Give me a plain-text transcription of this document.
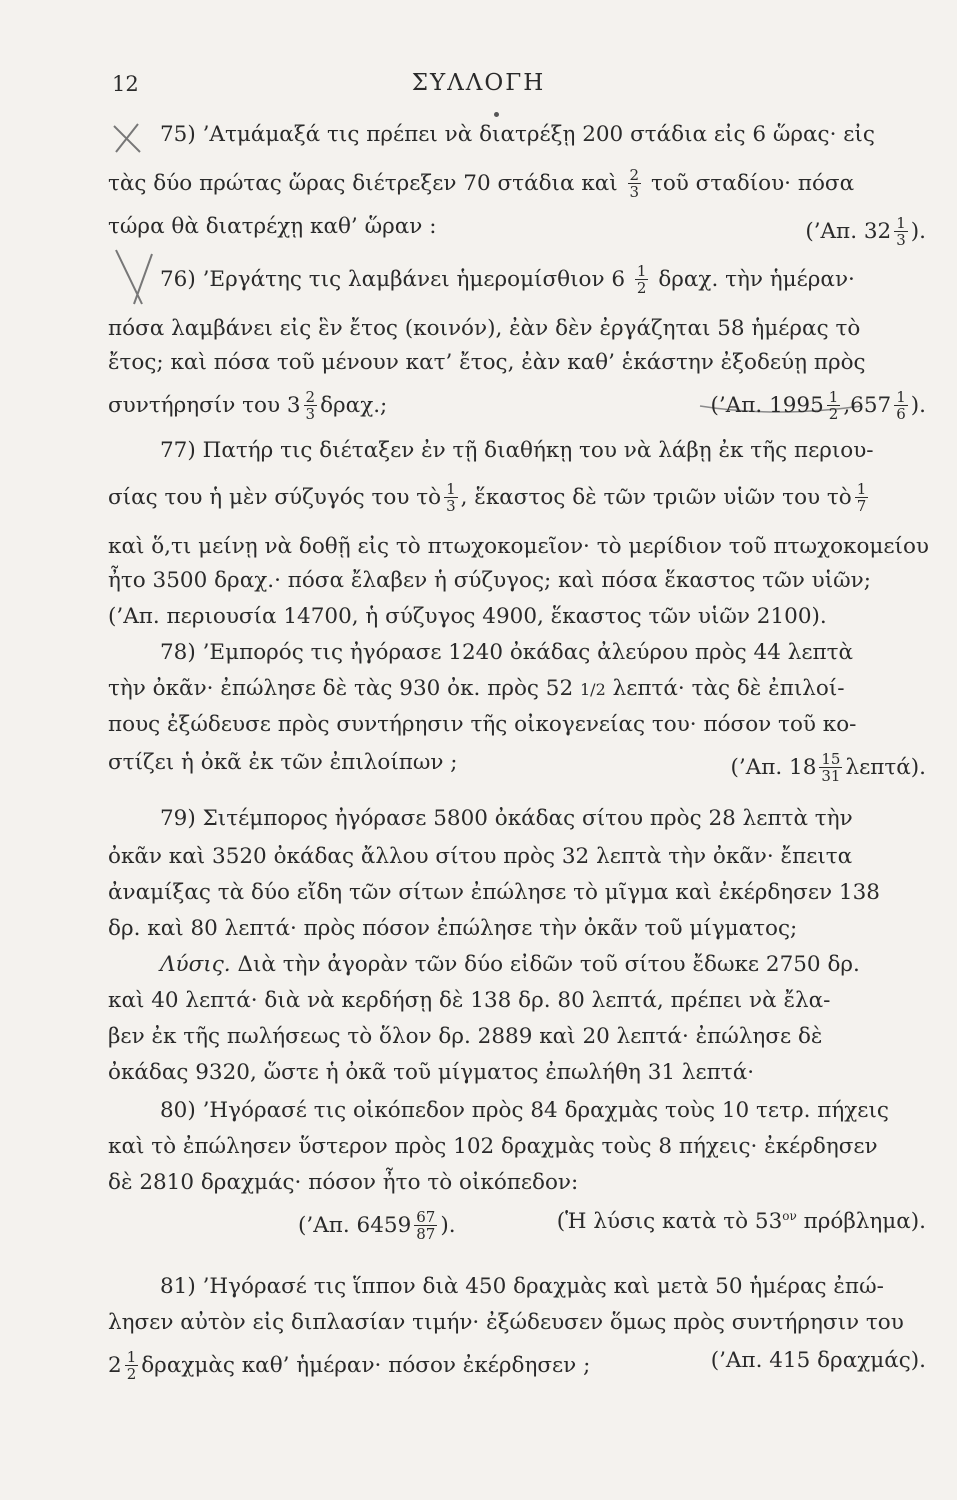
12	ΣΥΛΛΟΓΗ
75) ’Ατμάμαξά τις πρέπει νὰ διατρέξῃ 200 στάδια εἰς 6 ὥρας· εἰς
τὰς δύο πρώτας ὥρας διέτρεξεν 70 στάδια καὶ $\frac{2}{3}$ τοῦ σταδίου· πόσα
τώρα θὰ διατρέχῃ καθ’ ὥραν :	(’Απ. $32 \frac{1}{3}$ ).
76) ’Εργάτης τις λαμβάνει ἡμερομίσθιον $6 \frac{1}{2} \delta\rho\alpha\chi$. τὴν ἡμέραν·
πόσα λαμβάνει εἰς ἓν ἔτος (κοινόν), ἐὰν δὲν ἐργάζηται 58 ἡμέρας τὸ
ἔτος; καὶ πόσα τοῦ μένουν κατ’ ἔτος, ἐὰν καθ’ ἑκάστην ἐξοδεύῃ πρὸς
συντήρησίν του $3 \frac{2}{3} \delta\rho\alpha\chi$.;	(’Απ. $1995 \frac{1}{2} ,657 \frac{1}{6}$ ).
77) Πατήρ τις διέταξεν ἐν τῇ διαθήκῃ του νὰ λάβῃ ἐκ τῆς περιου-
σίας του ἡ μὲν σύζυγός του τὸ $\frac{1}{3}$ , ἕκαστος δὲ τῶν τριῶν υἱῶν του τὸ $\frac{1}{7}$
καὶ ὅ,τι μείνῃ νὰ δοθῇ εἰς τὸ πτωχοκομεῖον· τὸ μερίδιον τοῦ πτωχοκομείου
ἦτο 3500 δραχ.· πόσα ἔλαβεν ἡ σύζυγος; καὶ πόσα ἕκαστος τῶν υἱῶν;
(’Απ. περιουσία 14700, ἡ σύζυγος 4900, ἕκαστος τῶν υἱῶν 2100).
78) ’Εμπορός τις ἠγόρασε 1240 ὀκάδας ἀλεύρου πρὸς 44 λεπτὰ
τὴν ὀκᾶν· ἐπώλησε δὲ τὰς 930 ὀκ. πρὸς 52 1/2 λεπτά· τὰς δὲ ἐπιλοί-
πους ἐξώδευσε πρὸς συντήρησιν τῆς οἰκογενείας του· πόσον τοῦ κο-
στίζει ἡ ὀκᾶ ἐκ τῶν ἐπιλοίπων ;	(’Απ. $18 \frac{15}{31} \lambda\varepsilon\pi\tau ά$).
79) Σιτέμπορος ἠγόρασε 5800 ὀκάδας σίτου πρὸς 28 λεπτὰ τὴν
ὀκᾶν καὶ 3520 ὀκάδας ἄλλου σίτου πρὸς 32 λεπτὰ τὴν ὀκᾶν· ἔπειτα
ἀναμίξας τὰ δύο εἴδη τῶν σίτων ἐπώλησε τὸ μῖγμα καὶ ἐκέρδησεν 138
δρ. καὶ 80 λεπτά· πρὸς πόσον ἐπώλησε τὴν ὀκᾶν τοῦ μίγματος;
Λύσις. Διὰ τὴν ἀγορὰν τῶν δύο εἰδῶν τοῦ σίτου ἔδωκε 2750 δρ.
καὶ 40 λεπτά· διὰ νὰ κερδήσῃ δὲ 138 δρ. 80 λεπτά, πρέπει νὰ ἔλα-
βεν ἐκ τῆς πωλήσεως τὸ ὅλον δρ. 2889 καὶ 20 λεπτά· ἐπώλησε δὲ
ὀκάδας 9320, ὥστε ἡ ὀκᾶ τοῦ μίγματος ἐπωλήθη 31 λεπτά·
80) ’Ηγόρασέ τις οἰκόπεδον πρὸς 84 δραχμὰς τοὺς 10 τετρ. πήχεις
καὶ τὸ ἐπώλησεν ὕστερον πρὸς 102 δραχμὰς τοὺς 8 πήχεις· ἐκέρδησεν
δὲ 2810 δραχμάς· πόσον ἦτο τὸ οἰκόπεδον:
(’Απ. $6459 \frac{67}{87}$ ).	(Ἡ λύσις κατὰ τὸ $53^{o\nu}$ πρόβλημα).
81) ’Ηγόρασέ τις ἵππον διὰ 450 δραχμὰς καὶ μετὰ 50 ἡμέρας ἐπώ-
λησεν αὐτὸν εἰς διπλασίαν τιμήν· ἐξώδευσεν ὅμως πρὸς συντήρησιν του
$2 \frac{1}{2}$ δραχμὰς καθ’ ἡμέραν· πόσον ἐκέρδησεν ;	(’Απ. 415 δραχμάς).
